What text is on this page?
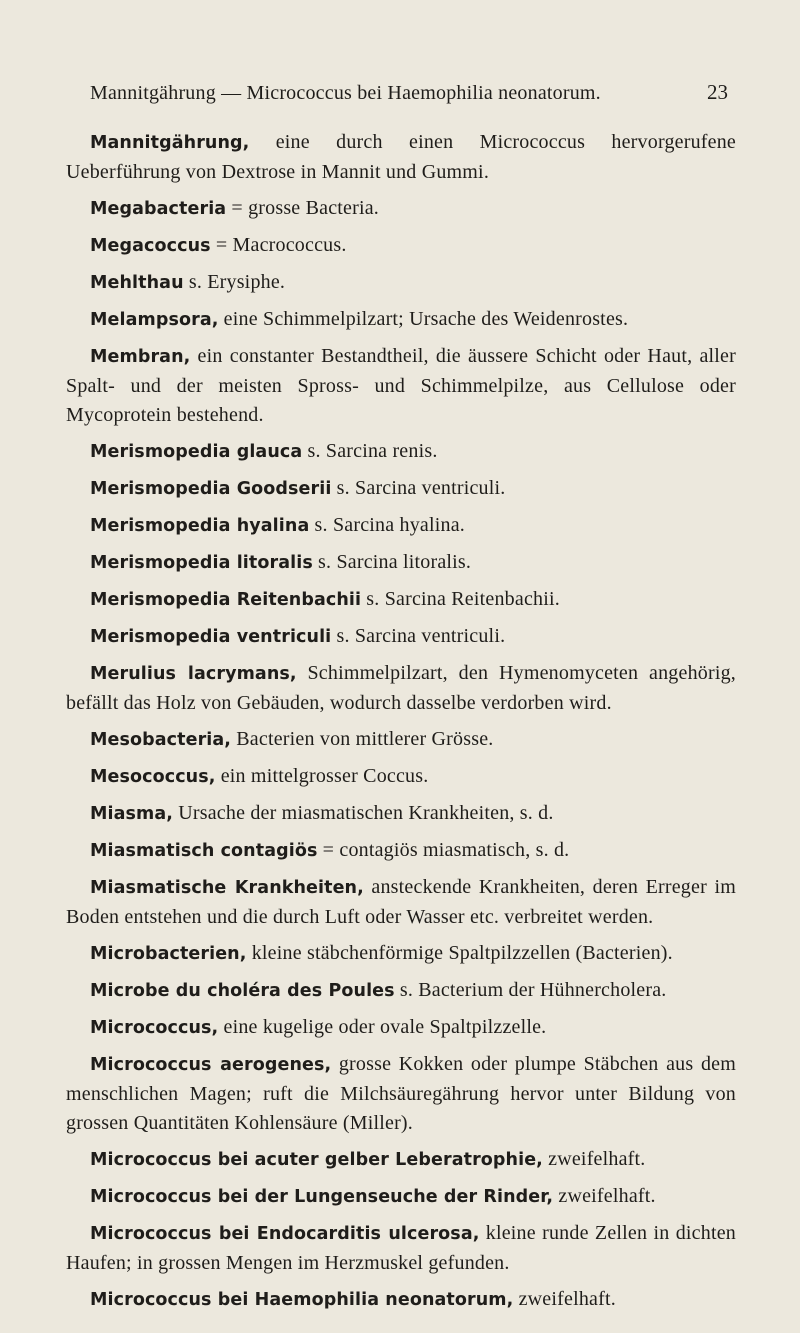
Mannitgährung — Micrococcus bei Haemophilia neonatorum.	23

Mannitgährung, eine durch einen Micrococcus hervorgerufene Ueberführung von Dextrose in Mannit und Gummi.

Megabacteria = grosse Bacteria.

Megacoccus = Macrococcus.

Mehlthau s. Erysiphe.

Melampsora, eine Schimmelpilzart; Ursache des Weidenrostes.

Membran, ein constanter Bestandtheil, die äussere Schicht oder Haut, aller Spalt- und der meisten Spross- und Schimmelpilze, aus Cellulose oder Mycoprotein bestehend.

Merismopedia glauca s. Sarcina renis.

Merismopedia Goodserii s. Sarcina ventriculi.

Merismopedia hyalina s. Sarcina hyalina.

Merismopedia litoralis s. Sarcina litoralis.

Merismopedia Reitenbachii s. Sarcina Reitenbachii.

Merismopedia ventriculi s. Sarcina ventriculi.

Merulius lacrymans, Schimmelpilzart, den Hymenomyceten angehörig, befällt das Holz von Gebäuden, wodurch dasselbe verdorben wird.

Mesobacteria, Bacterien von mittlerer Grösse.

Mesococcus, ein mittelgrosser Coccus.

Miasma, Ursache der miasmatischen Krankheiten, s. d.

Miasmatisch contagiös = contagiös miasmatisch, s. d.

Miasmatische Krankheiten, ansteckende Krankheiten, deren Erreger im Boden entstehen und die durch Luft oder Wasser etc. verbreitet werden.

Microbacterien, kleine stäbchenförmige Spaltpilzzellen (Bacterien).

Microbe du choléra des Poules s. Bacterium der Hühnercholera.

Micrococcus, eine kugelige oder ovale Spaltpilzzelle.

Micrococcus aerogenes, grosse Kokken oder plumpe Stäbchen aus dem menschlichen Magen; ruft die Milchsäuregährung hervor unter Bildung von grossen Quantitäten Kohlensäure (Miller).

Micrococcus bei acuter gelber Leberatrophie, zweifelhaft.

Micrococcus bei der Lungenseuche der Rinder, zweifelhaft.

Micrococcus bei Endocarditis ulcerosa, kleine runde Zellen in dichten Haufen; in grossen Mengen im Herzmuskel gefunden.

Micrococcus bei Haemophilia neonatorum, zweifelhaft.
